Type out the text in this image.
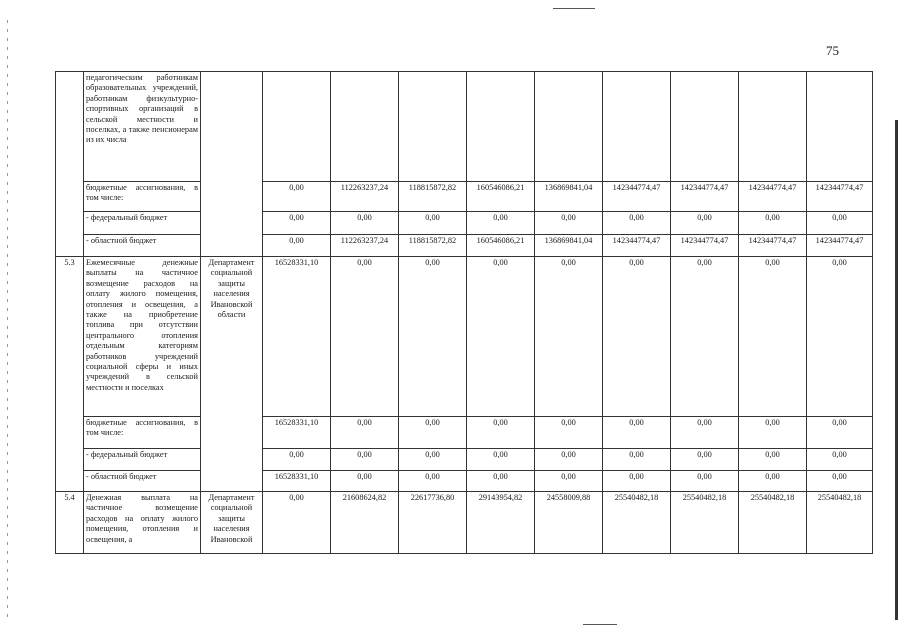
75
	педагогическим работникам образовательных учреждений, работникам физкультурно-спортивных организаций в сельской местности и поселках, а также пенсионерам из их числа										
	бюджетные ассигнования, в том числе:		0,00	112263237,24	118815872,82	160546086,21	136869841,04	142344774,47	142344774,47	142344774,47	142344774,47
	- федеральный бюджет		0,00	0,00	0,00	0,00	0,00	0,00	0,00	0,00	0,00
	- областной бюджет		0,00	112263237,24	118815872,82	160546086,21	136869841,04	142344774,47	142344774,47	142344774,47	142344774,47
5.3	Ежемесячные денежные выплаты на частичное возмещение расходов на оплату жилого помещения, отопления и освещения, а также на приобретение топлива при отсутствии центрального отопления отдельным категориям работников учреждений социальной сферы и иных учреждений в сельской местности и поселках	Департамент социальной защиты населения Ивановской области	16528331,10	0,00	0,00	0,00	0,00	0,00	0,00	0,00	0,00
	бюджетные ассигнования, в том числе:		16528331,10	0,00	0,00	0,00	0,00	0,00	0,00	0,00	0,00
	- федеральный бюджет		0,00	0,00	0,00	0,00	0,00	0,00	0,00	0,00	0,00
	- областной бюджет		16528331,10	0,00	0,00	0,00	0,00	0,00	0,00	0,00	0,00
5.4	Денежная выплата на частичное возмещение расходов на оплату жилого помещения, отопления и освещения, а	Департамент социальной защиты населения Ивановской	0,00	21608624,82	22617736,80	29143954,82	24558009,88	25540482,18	25540482,18	25540482,18	25540482,18
